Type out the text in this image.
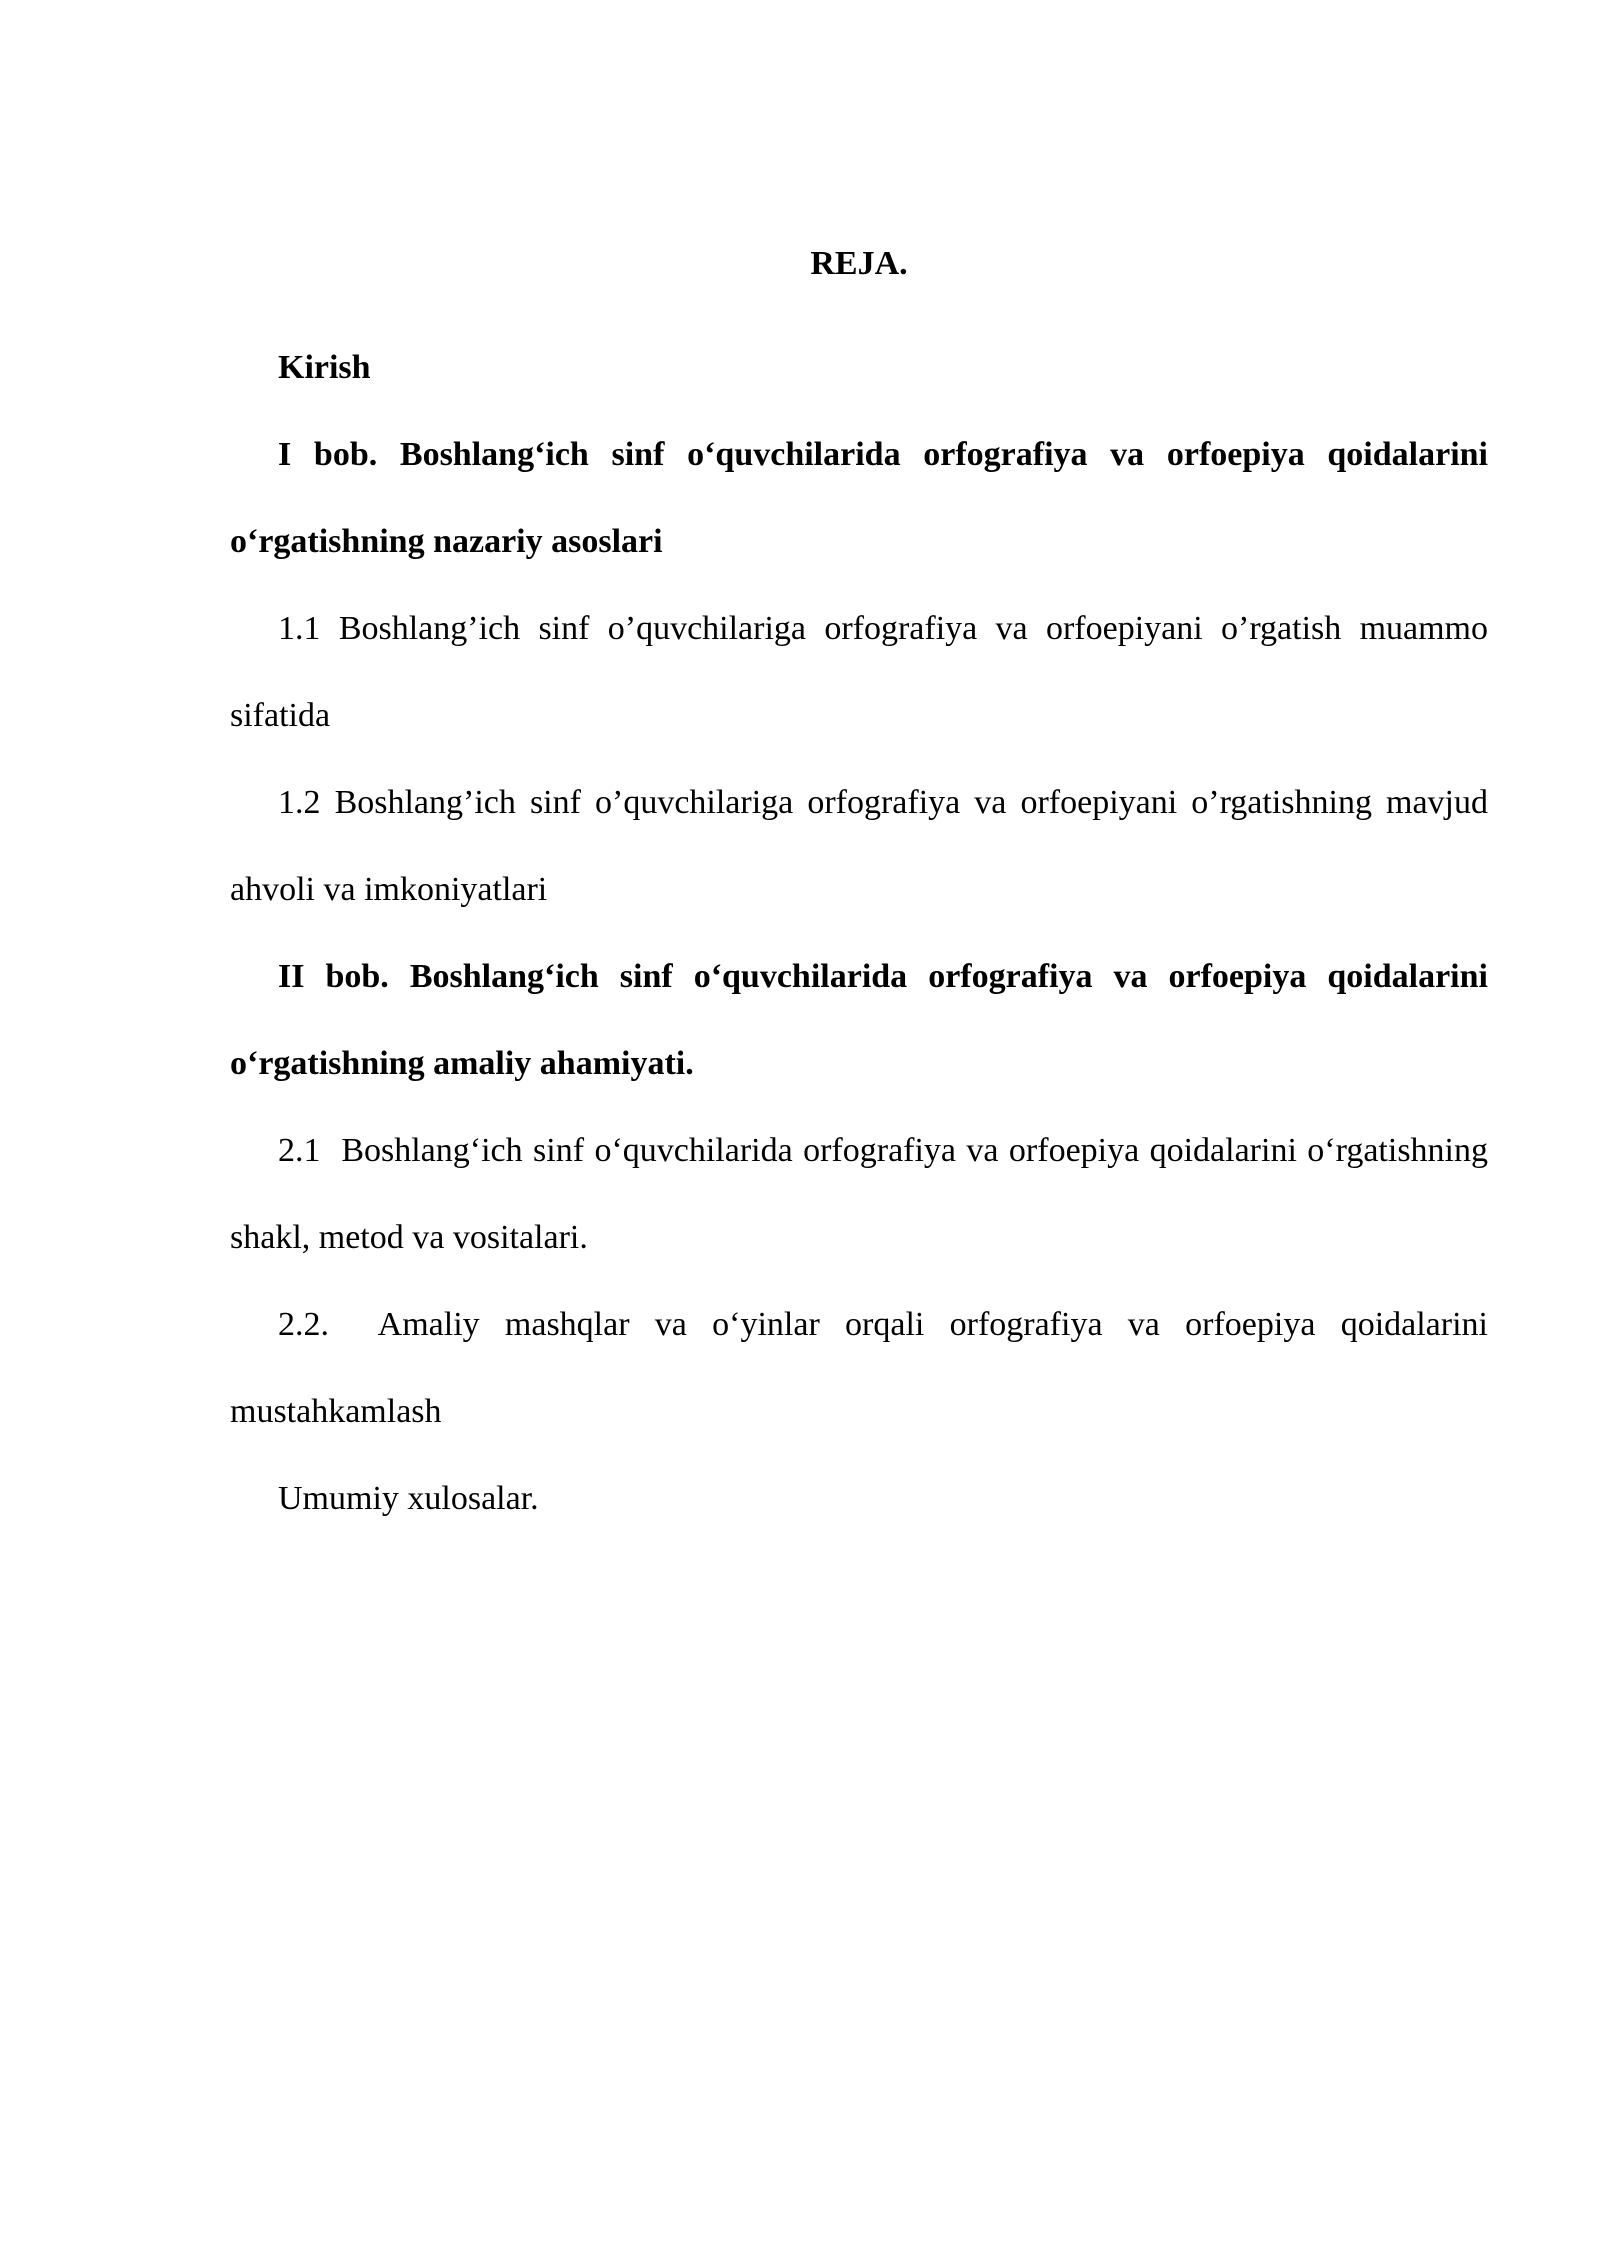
REJA.

Kirish

I bob. Boshlang‘ich sinf o‘quvchilarida orfografiya va orfoepiya qoidalarini o‘rgatishning nazariy asoslari

1.1 Boshlang’ich sinf o’quvchilariga orfografiya va orfoepiyani o’rgatish muammo sifatida

1.2 Boshlang’ich sinf o’quvchilariga orfografiya va orfoepiyani o’rgatishning mavjud ahvoli va imkoniyatlari

II bob. Boshlang‘ich sinf o‘quvchilarida orfografiya va orfoepiya qoidalarini o‘rgatishning amaliy ahamiyati.

2.1  Boshlang‘ich sinf o‘quvchilarida orfografiya va orfoepiya qoidalarini o‘rgatishning shakl, metod va vositalari.

2.2.  Amaliy mashqlar va o‘yinlar orqali orfografiya va orfoepiya qoidalarini mustahkamlash

Umumiy xulosalar.
